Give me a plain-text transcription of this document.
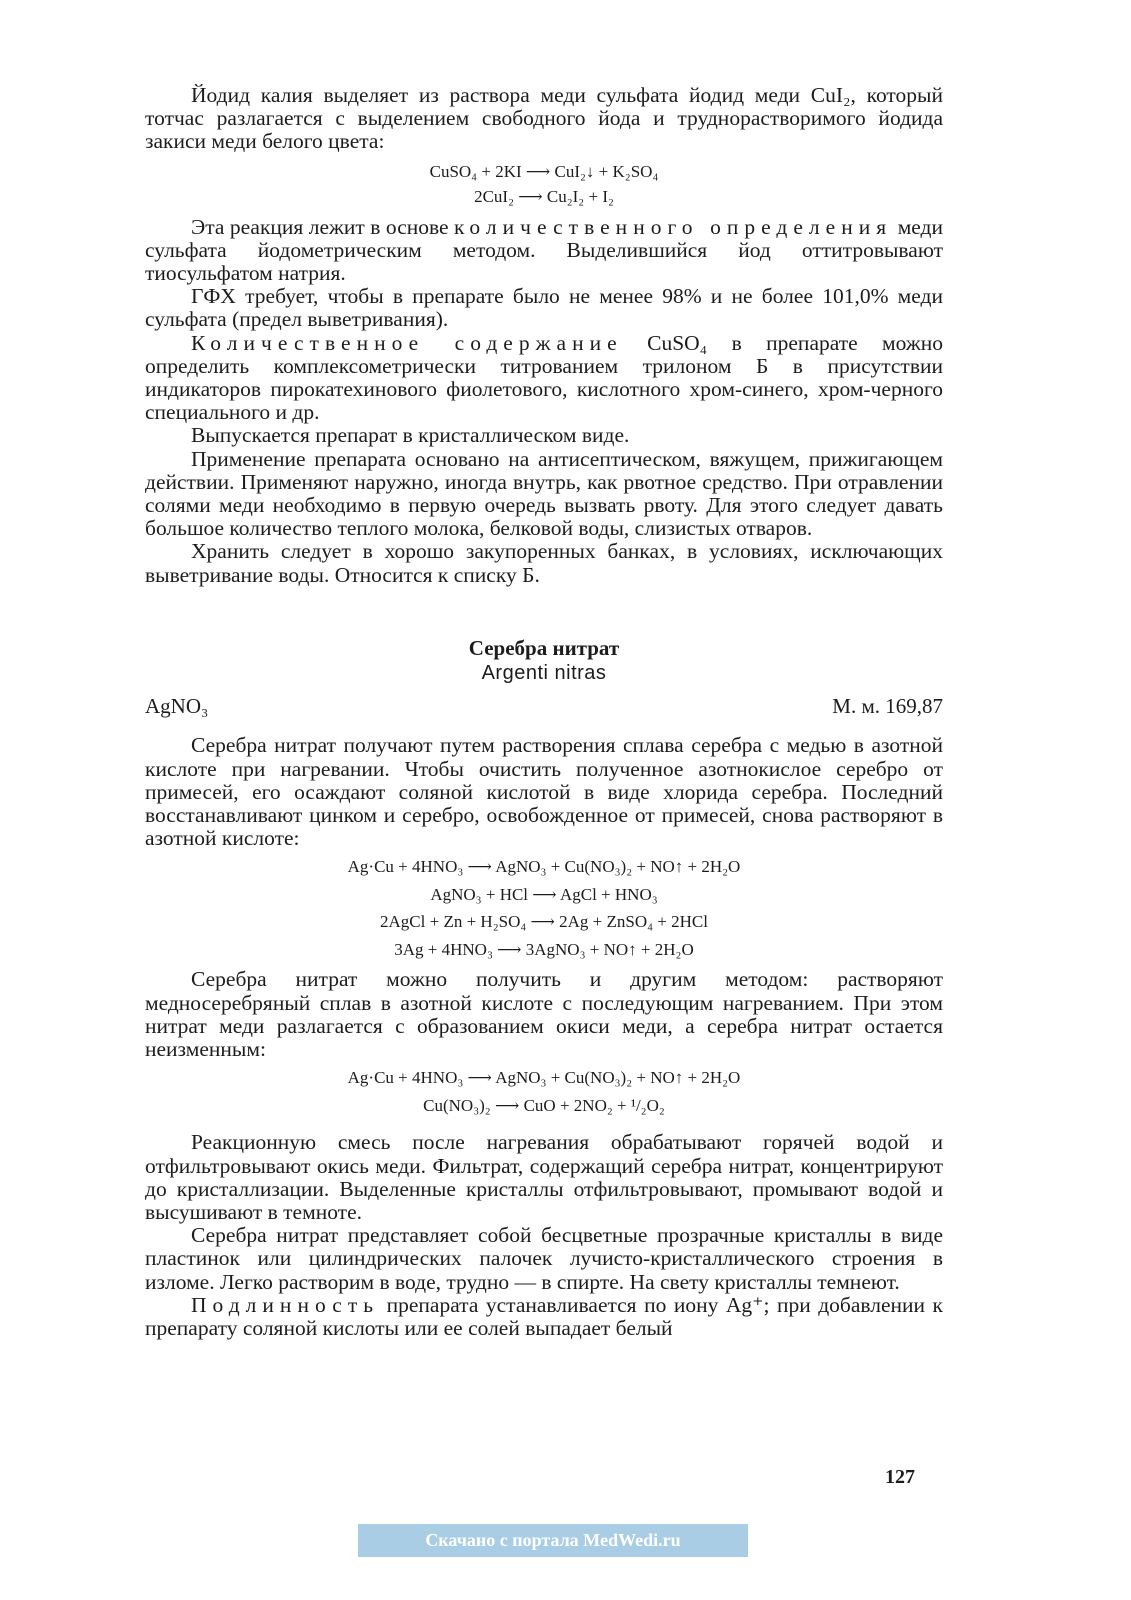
Йодид калия выделяет из раствора меди сульфата йодид меди CuI₂, который тотчас разлагается с выделением свободного йода и труднорастворимого йодида закиси меди белого цвета:

CuSO₄ + 2KI ⟶ CuI₂↓ + K₂SO₄
2CuI₂ ⟶ Cu₂I₂ + I₂

Эта реакция лежит в основе количественного определения меди сульфата йодометрическим методом. Выделившийся йод оттитровывают тиосульфатом натрия.

ГФХ требует, чтобы в препарате было не менее 98% и не более 101,0% меди сульфата (предел выветривания).

Количественное содержание CuSO₄ в препарате можно определить комплексометрически титрованием трилоном Б в присутствии индикаторов пирокатехинового фиолетового, кислотного хром-синего, хром-черного специального и др.

Выпускается препарат в кристаллическом виде.

Применение препарата основано на антисептическом, вяжущем, прижигающем действии. Применяют наружно, иногда внутрь, как рвотное средство. При отравлении солями меди необходимо в первую очередь вызвать рвоту. Для этого следует давать большое количество теплого молока, белковой воды, слизистых отваров.

Хранить следует в хорошо закупоренных банках, в условиях, исключающих выветривание воды. Относится к списку Б.

Серебра нитрат
Argenti nitras
AgNO₃	М. м. 169,87

Серебра нитрат получают путем растворения сплава серебра с медью в азотной кислоте при нагревании. Чтобы очистить полученное азотнокислое серебро от примесей, его осаждают соляной кислотой в виде хлорида серебра. Последний восстанавливают цинком и серебро, освобожденное от примесей, снова растворяют в азотной кислоте:

Ag·Cu + 4HNO₃ ⟶ AgNO₃ + Cu(NO₃)₂ + NO↑ + 2H₂O
AgNO₃ + HCl ⟶ AgCl + HNO₃
2AgCl + Zn + H₂SO₄ ⟶ 2Ag + ZnSO₄ + 2HCl
3Ag + 4HNO₃ ⟶ 3AgNO₃ + NO↑ + 2H₂O

Серебра нитрат можно получить и другим методом: растворяют медносеребряный сплав в азотной кислоте с последующим нагреванием. При этом нитрат меди разлагается с образованием окиси меди, а серебра нитрат остается неизменным:

Ag·Cu + 4HNO₃ ⟶ AgNO₃ + Cu(NO₃)₂ + NO↑ + 2H₂O
Cu(NO₃)₂ ⟶ CuO + 2NO₂ + ¹/₂O₂

Реакционную смесь после нагревания обрабатывают горячей водой и отфильтровывают окись меди. Фильтрат, содержащий серебра нитрат, концентрируют до кристаллизации. Выделенные кристаллы отфильтровывают, промывают водой и высушивают в темноте.

Серебра нитрат представляет собой бесцветные прозрачные кристаллы в виде пластинок или цилиндрических палочек лучисто-кристаллического строения в изломе. Легко растворим в воде, трудно — в спирте. На свету кристаллы темнеют.

Подлинность препарата устанавливается по иону Ag⁺; при добавлении к препарату соляной кислоты или ее солей выпадает белый

127
Скачано с портала MedWedi.ru
